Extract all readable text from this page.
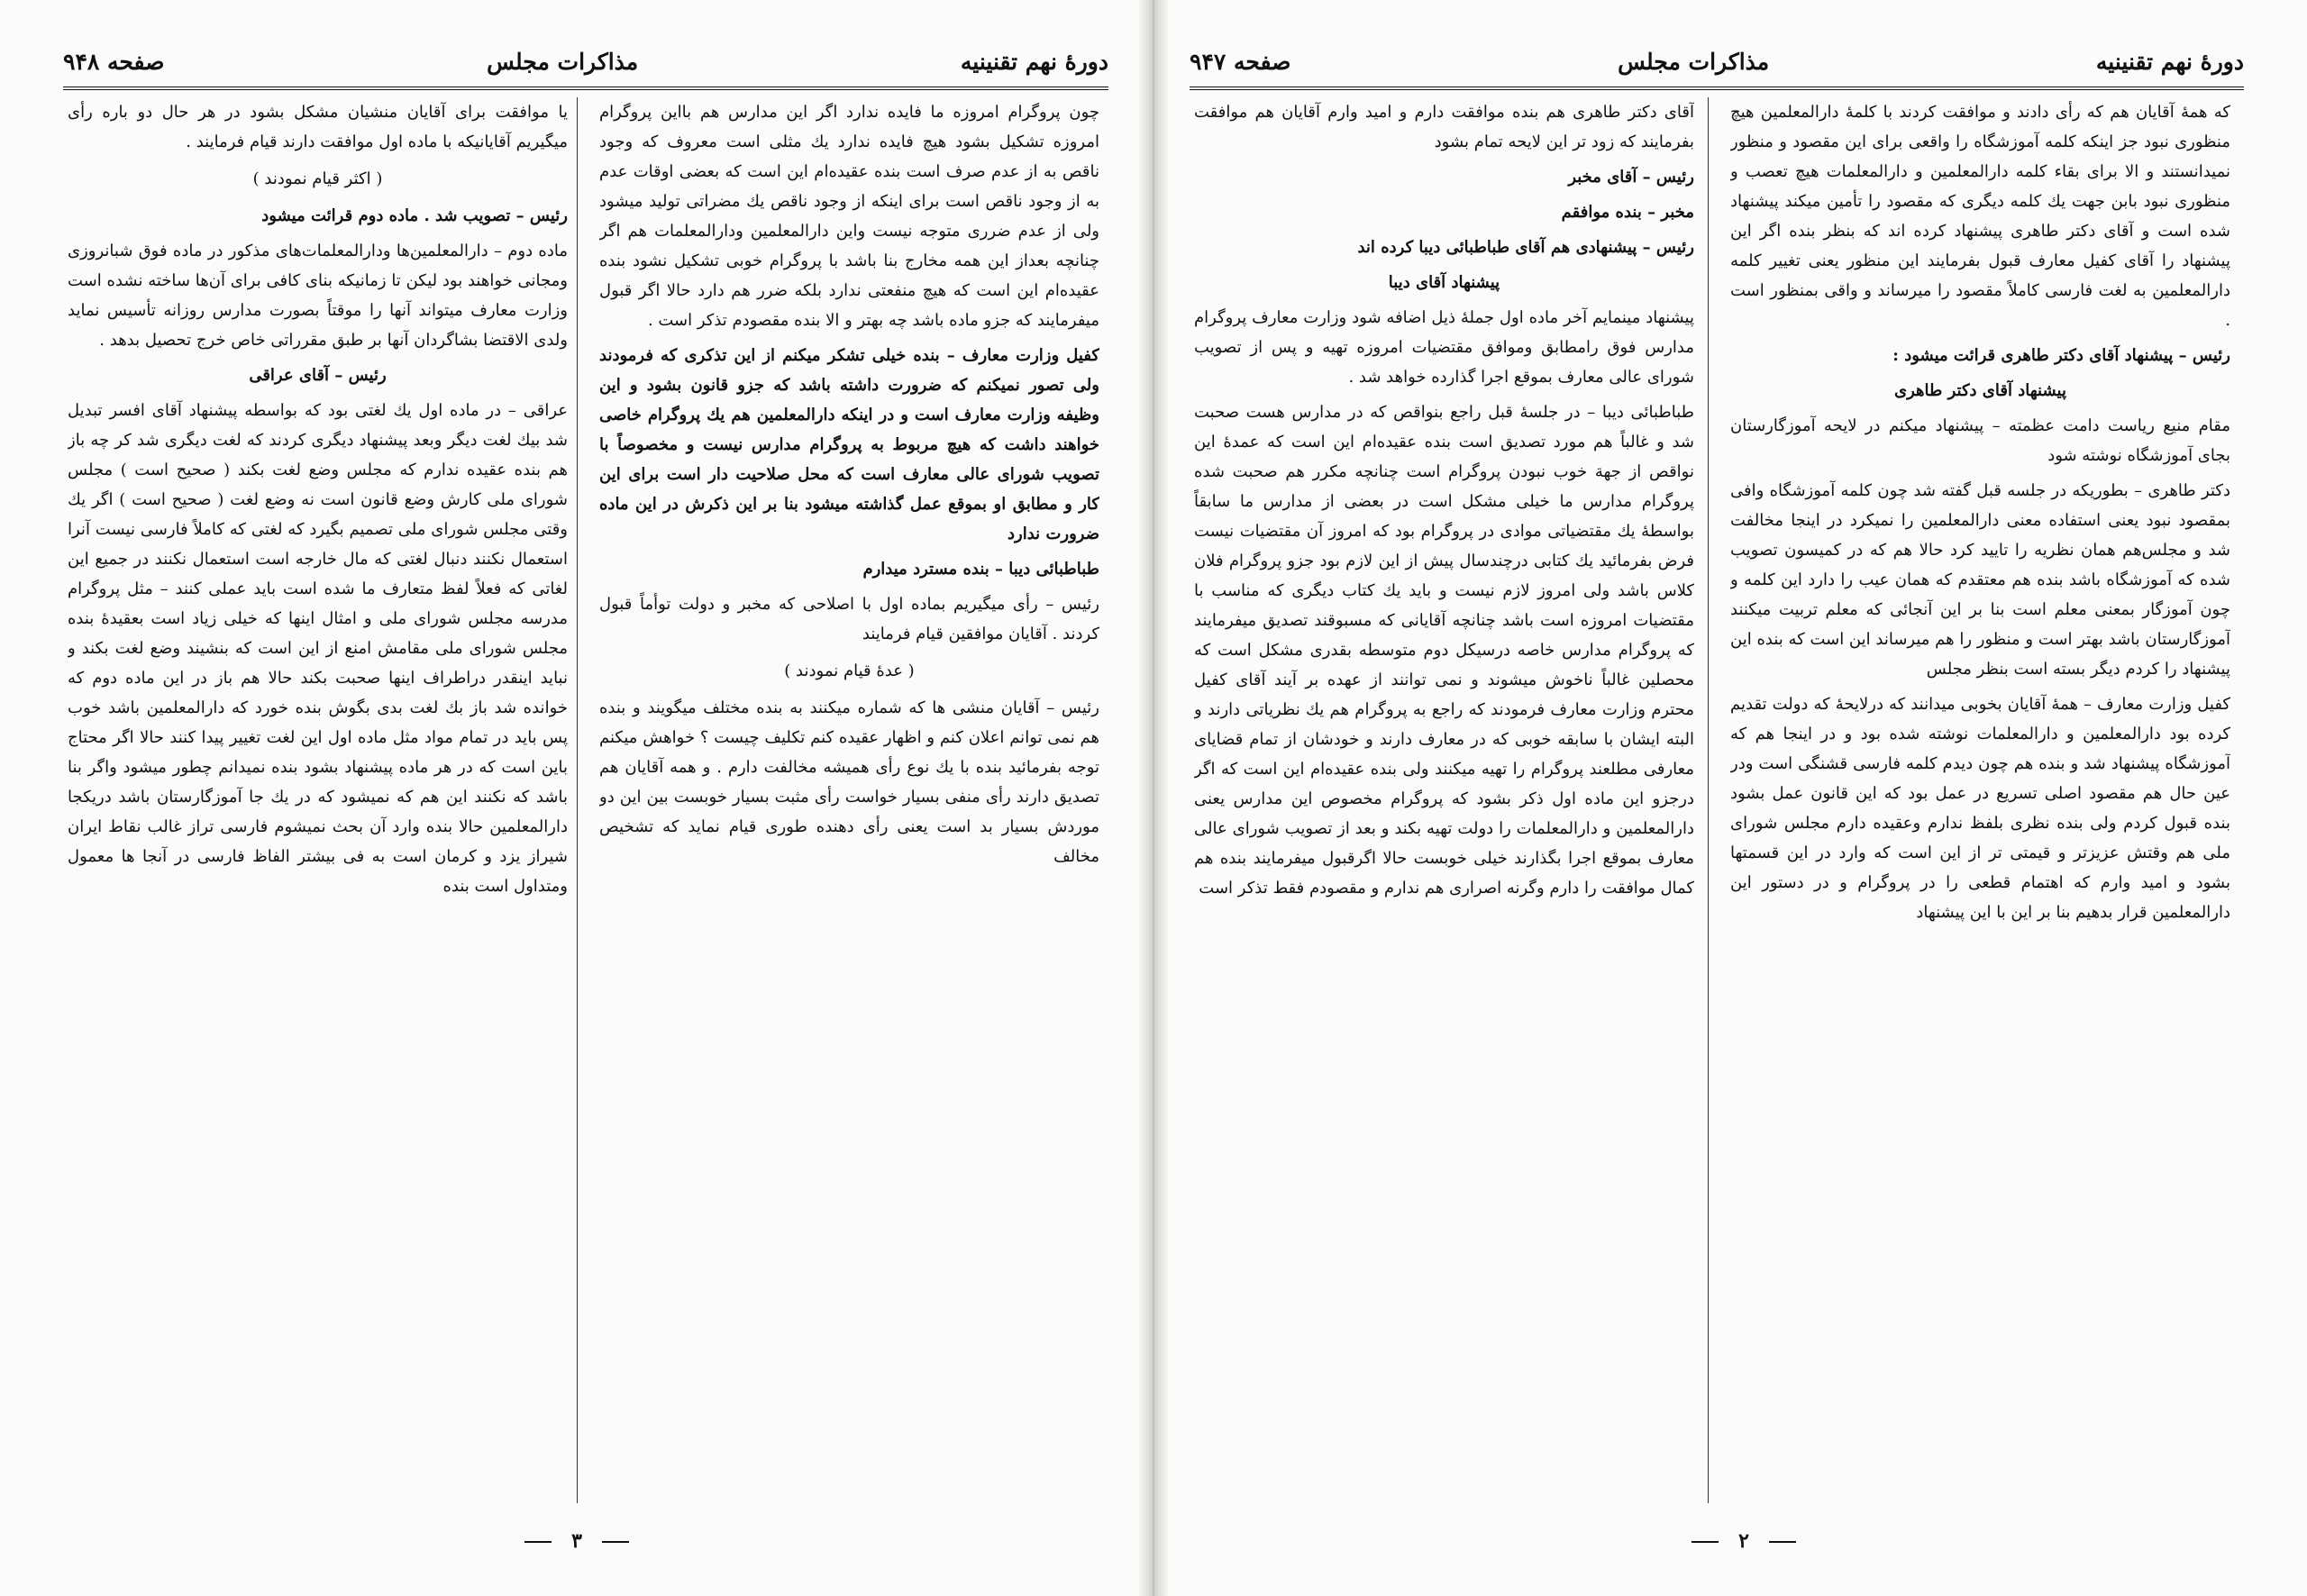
دورهٔ نهم تقنینیه
مذاکرات مجلس
صفحه ۹۴۸

چون پروگرام امروزه ما فایده ندارد اگر این مدارس هم بااین پروگرام امروزه تشکیل بشود هیچ فایده ندارد یك مثلی است معروف که وجود ناقص به از عدم صرف است بنده عقیده‌ام این است که بعضی اوقات عدم به از وجود ناقص است برای اینکه از وجود ناقص یك مضراتی تولید میشود ولی از عدم ضرری متوجه نیست واین دارالمعلمین ودارالمعلمات هم اگر چنانچه بعداز این همه مخارج بنا باشد با پروگرام خوبی تشکیل نشود بنده عقیده‌ام این است که هیچ منفعتی ندارد بلکه ضرر هم دارد حالا اگر قبول میفرمایند که جزو ماده باشد چه بهتر و الا بنده مقصودم تذکر است .

کفیل وزارت معارف – بنده خیلی تشکر میکنم از این تذکری که فرمودند ولی تصور نمیکنم که ضرورت داشته باشد که جزو قانون بشود و این وظیفه وزارت معارف است و در اینکه دارالمعلمین هم یك پروگرام خاصی خواهند داشت که هیچ مربوط به پروگرام مدارس نیست و مخصوصاً با تصویب شورای عالی معارف است که محل صلاحیت دار است برای این کار و مطابق او بموقع عمل گذاشته میشود بنا بر این ذکرش در این ماده ضرورت ندارد

طباطبائی دیبا – بنده مسترد میدارم

رئیس – رأی میگیریم بماده اول با اصلاحی که مخبر و دولت توأماً قبول کردند . آقایان موافقین قیام فرمایند

( عدهٔ قیام نمودند )

رئیس – آقایان منشی ها که شماره میکنند به بنده مختلف میگویند و بنده هم نمی توانم اعلان کنم و اظهار عقیده کنم تکلیف چیست ؟ خواهش میکنم توجه بفرمائید بنده با یك نوع رأی همیشه مخالفت دارم . و همه آقایان هم تصدیق دارند رأی منفی بسیار خواست رأی مثبت بسیار خوبست بین این دو موردش بسیار بد است یعنی رأی دهنده طوری قیام نماید که تشخیص مخالف

یا موافقت برای آقایان منشیان مشکل بشود در هر حال دو باره رأی میگیریم آقایانیکه با ماده اول موافقت دارند قیام فرمایند .

( اکثر قیام نمودند )

رئیس – تصویب شد . ماده دوم قرائت میشود

ماده دوم – دارالمعلمین‌ها ودارالمعلمات‌های مذکور در ماده فوق شبانروزی ومجانی خواهند بود لیکن تا زمانیکه بنای کافی برای آن‌ها ساخته نشده است وزارت معارف میتواند آنها را موقتاً بصورت مدارس روزانه تأسیس نماید ولدی الاقتضا بشاگردان آنها بر طبق مقرراتی خاص خرج تحصیل بدهد .

رئیس – آقای عراقی

عراقی – در ماده اول یك لغتی بود که بواسطه پیشنهاد آقای افسر تبدیل شد بیك لغت دیگر وبعد پیشنهاد دیگری کردند که لغت دیگری شد کر چه باز هم بنده عقیده ندارم که مجلس وضع لغت بکند ( صحیح است ) مجلس شورای ملی کارش وضع قانون است نه وضع لغت ( صحیح است ) اگر یك وقتی مجلس شورای ملی تصمیم بگیرد که لغتی که کاملاً فارسی نیست آنرا استعمال نکنند دنبال لغتی که مال خارجه است استعمال نکنند در جمیع این لغاتی که فعلاً لفظ متعارف ما شده است باید عملی کنند – مثل پروگرام مدرسه مجلس شورای ملی و امثال اینها که خیلی زیاد است بعقیدهٔ بنده مجلس شورای ملی مقامش امنع از این است که بنشیند وضع لغت بکند و نباید اینقدر دراطراف اینها صحبت بکند حالا هم باز در این ماده دوم که خوانده شد باز بك لغت بدی بگوش بنده خورد که دارالمعلمین باشد خوب پس باید در تمام مواد مثل ماده اول این لغت تغییر پیدا کنند حالا اگر محتاج باین است که در هر ماده پیشنهاد بشود بنده نمیدانم چطور میشود واگر بنا باشد که نکنند این هم که نمیشود که در یك جا آموزگارستان باشد دریکجا دارالمعلمین حالا بنده وارد آن بحث نمیشوم فارسی تراز غالب نقاط ایران شیراز یزد و کرمان است به فی بیشتر الفاظ فارسی در آنجا ها معمول ومتداول است بنده

۳
دورهٔ نهم تقنینیه
مذاکرات مجلس
صفحه ۹۴۷

که همهٔ آقایان هم که رأی دادند و موافقت کردند با کلمهٔ دارالمعلمین هیچ منظوری نبود جز اینکه کلمه آموزشگاه را واقعی برای این مقصود و منظور نمیدانستند و الا برای بقاء کلمه دارالمعلمین و دارالمعلمات هیچ تعصب و منظوری نبود بابن جهت یك کلمه دیگری که مقصود را تأمین میکند پیشنهاد شده است و آقای دکتر طاهری پیشنهاد کرده اند که بنظر بنده اگر این پیشنهاد را آقای کفیل معارف قبول بفرمایند این منظور یعنی تغییر کلمه دارالمعلمین به لغت فارسی کاملاً مقصود را میرساند و واقی بمنظور است .

رئیس – پیشنهاد آقای دکتر طاهری قرائت میشود :

پیشنهاد آقای دکتر طاهری

مقام منیع ریاست دامت عظمته – پیشنهاد میکنم در لایحه آموزگارستان بجای آموزشگاه نوشته شود

دکتر طاهری – بطوریکه در جلسه قبل گفته شد چون کلمه آموزشگاه وافی بمقصود نبود یعنی استفاده معنی دارالمعلمین را نمیکرد در اینجا مخالفت شد و مجلس‌هم همان نظریه را تایید کرد حالا هم که در کمیسون تصویب شده که آموزشگاه باشد بنده هم معتقدم که همان عیب را دارد این کلمه و چون آموزگار بمعنی معلم است بنا بر این آنجائی که معلم تربیت میکنند آموزگارستان باشد بهتر است و منظور را هم میرساند این است که بنده این پیشنهاد را کردم دیگر بسته است بنظر مجلس

کفیل وزارت معارف – همهٔ آقایان بخوبی میدانند که درلایحهٔ که دولت تقدیم کرده بود دارالمعلمین و دارالمعلمات نوشته شده بود و در اینجا هم که آموزشگاه پیشنهاد شد و بنده هم چون دیدم کلمه فارسی قشنگی است ودر عین حال هم مقصود اصلی تسریع در عمل بود که این قانون عمل بشود بنده قبول کردم ولی بنده نظری بلفظ ندارم وعقیده دارم مجلس شورای ملی هم وقتش عزیزتر و قیمتی تر از این است که وارد در این قسمتها بشود و امید وارم که اهتمام قطعی را در پروگرام و در دستور این دارالمعلمین قرار بدهیم بنا بر این با این پیشنهاد

آقای دکتر طاهری هم بنده موافقت دارم و امید وارم آقایان هم موافقت بفرمایند که زود تر این لایحه تمام بشود

رئیس – آقای مخبر

مخبر – بنده موافقم

رئیس – پیشنهادی هم آقای طباطبائی دیبا کرده اند

پیشنهاد آقای دیبا

پیشنهاد مینمایم آخر ماده اول جملهٔ ذیل اضافه شود وزارت معارف پروگرام مدارس فوق رامطابق وموافق مقتضیات امروزه تهیه و پس از تصویب شورای عالی معارف بموقع اجرا گذارده خواهد شد .

طباطبائی دیبا – در جلسهٔ قبل راجع بنواقص که در مدارس هست صحبت شد و غالباً هم مورد تصدیق است بنده عقیده‌ام این است که عمدهٔ این نواقص از جهة خوب نبودن پروگرام است چنانچه مکرر هم صحبت شده پروگرام مدارس ما خیلی مشکل است در بعضی از مدارس ما سابقاً بواسطهٔ یك مقتضیاتی موادی در پروگرام بود که امروز آن مقتضیات نیست فرض بفرمائید یك کتابی درچندسال پیش از این لازم بود جزو پروگرام فلان کلاس باشد ولی امروز لازم نیست و باید یك کتاب دیگری که مناسب با مقتضیات امروزه است باشد چنانچه آقایانی که مسبوقند تصدیق میفرمایند که پروگرام مدارس خاصه درسیکل دوم متوسطه بقدری مشکل است که محصلین غالباً ناخوش میشوند و نمی توانند از عهده بر آیند آقای کفیل محترم وزارت معارف فرمودند که راجع به پروگرام هم یك نظریاتی دارند و البته ایشان با سابقه خوبی که در معارف دارند و خودشان از تمام قضایای معارفی مطلعند پروگرام را تهیه میکنند ولی بنده عقیده‌ام این است که اگر درجزو این ماده اول ذکر بشود که پروگرام مخصوص این مدارس یعنی دارالمعلمین و دارالمعلمات را دولت تهیه بکند و بعد از تصویب شورای عالی معارف بموقع اجرا بگذارند خیلی خوبست حالا اگرقبول میفرمایند بنده هم کمال موافقت را دارم وگرنه اصراری هم ندارم و مقصودم فقط تذکر است

۲
